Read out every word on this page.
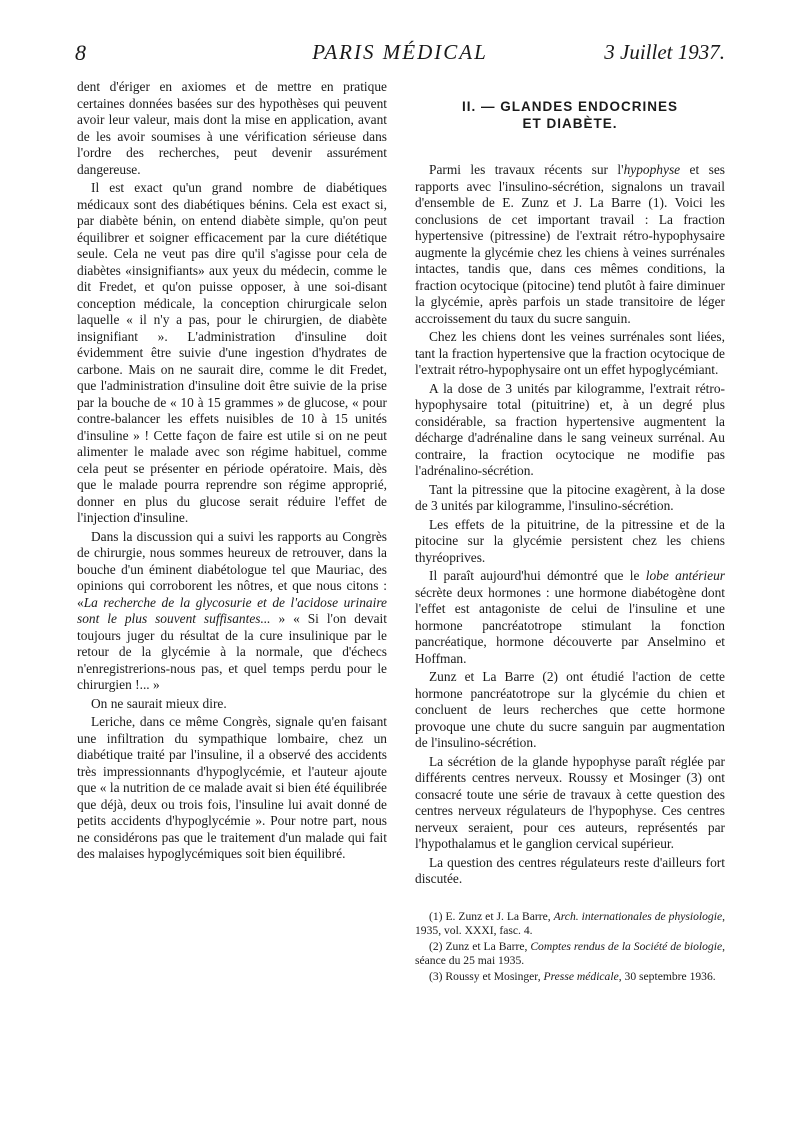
PARIS MÉDICAL
8	3 Juillet 1937.

dent d'ériger en axiomes et de mettre en pratique certaines données basées sur des hypothèses qui peuvent avoir leur valeur, mais dont la mise en application, avant de les avoir soumises à une vérification sérieuse dans l'ordre des recherches, peut devenir assurément dangereuse.

Il est exact qu'un grand nombre de diabétiques médicaux sont des diabétiques bénins. Cela est exact si, par diabète bénin, on entend diabète simple, qu'on peut équilibrer et soigner efficacement par la cure diététique seule. Cela ne veut pas dire qu'il s'agisse pour cela de diabètes «insignifiants» aux yeux du médecin, comme le dit Fredet, et qu'on puisse opposer, à une soi-disant conception médicale, la conception chirurgicale selon laquelle « il n'y a pas, pour le chirurgien, de diabète insignifiant ». L'administration d'insuline doit évidemment être suivie d'une ingestion d'hydrates de carbone. Mais on ne saurait dire, comme le dit Fredet, que l'administration d'insuline doit être suivie de la prise par la bouche de « 10 à 15 grammes » de glucose, « pour contre-balancer les effets nuisibles de 10 à 15 unités d'insuline » ! Cette façon de faire est utile si on ne peut alimenter le malade avec son régime habituel, comme cela peut se présenter en période opératoire. Mais, dès que le malade pourra reprendre son régime approprié, donner en plus du glucose serait réduire l'effet de l'injection d'insuline.

Dans la discussion qui a suivi les rapports au Congrès de chirurgie, nous sommes heureux de retrouver, dans la bouche d'un éminent diabétologue tel que Mauriac, des opinions qui corroborent les nôtres, et que nous citons : «La recherche de la glycosurie et de l'acidose urinaire sont le plus souvent suffisantes... » « Si l'on devait toujours juger du résultat de la cure insulinique par le retour de la glycémie à la normale, que d'échecs n'enregistrerions-nous pas, et quel temps perdu pour le chirurgien !... »

On ne saurait mieux dire.

Leriche, dans ce même Congrès, signale qu'en faisant une infiltration du sympathique lombaire, chez un diabétique traité par l'insuline, il a observé des accidents très impressionnants d'hypoglycémie, et l'auteur ajoute que « la nutrition de ce malade avait si bien été équilibrée que déjà, deux ou trois fois, l'insuline lui avait donné de petits accidents d'hypoglycémie ». Pour notre part, nous ne considérons pas que le traitement d'un malade qui fait des malaises hypoglycémiques soit bien équilibré.

II. — GLANDES ENDOCRINES
ET DIABÈTE.

Parmi les travaux récents sur l'hypophyse et ses rapports avec l'insulino-sécrétion, signalons un travail d'ensemble de E. Zunz et J. La Barre (1). Voici les conclusions de cet important travail : La fraction hypertensive (pitressine) de l'extrait rétro-hypophysaire augmente la glycémie chez les chiens à veines surrénales intactes, tandis que, dans ces mêmes conditions, la fraction ocytocique (pitocine) tend plutôt à faire diminuer la glycémie, après parfois un stade transitoire de léger accroissement du taux du sucre sanguin.

Chez les chiens dont les veines surrénales sont liées, tant la fraction hypertensive que la fraction ocytocique de l'extrait rétro-hypophysaire ont un effet hypoglycémiant.

A la dose de 3 unités par kilogramme, l'extrait rétro-hypophysaire total (pituitrine) et, à un degré plus considérable, sa fraction hypertensive augmentent la décharge d'adrénaline dans le sang veineux surrénal. Au contraire, la fraction ocytocique ne modifie pas l'adrénalino-sécrétion.

Tant la pitressine que la pitocine exagèrent, à la dose de 3 unités par kilogramme, l'insulino-sécrétion.

Les effets de la pituitrine, de la pitressine et de la pitocine sur la glycémie persistent chez les chiens thyréoprives.

Il paraît aujourd'hui démontré que le lobe antérieur sécrète deux hormones : une hormone diabétogène dont l'effet est antagoniste de celui de l'insuline et une hormone pancréatotrope stimulant la fonction pancréatique, hormone découverte par Anselmino et Hoffman.

Zunz et La Barre (2) ont étudié l'action de cette hormone pancréatotrope sur la glycémie du chien et concluent de leurs recherches que cette hormone provoque une chute du sucre sanguin par augmentation de l'insulino-sécrétion.

La sécrétion de la glande hypophyse paraît réglée par différents centres nerveux. Roussy et Mosinger (3) ont consacré toute une série de travaux à cette question des centres nerveux régulateurs de l'hypophyse. Ces centres nerveux seraient, pour ces auteurs, représentés par l'hypothalamus et le ganglion cervical supérieur.

La question des centres régulateurs reste d'ailleurs fort discutée.

(1) E. Zunz et J. La Barre, Arch. internationales de physiologie, 1935, vol. XXXI, fasc. 4.

(2) Zunz et La Barre, Comptes rendus de la Société de biologie, séance du 25 mai 1935.

(3) Roussy et Mosinger, Presse médicale, 30 septembre 1936.
